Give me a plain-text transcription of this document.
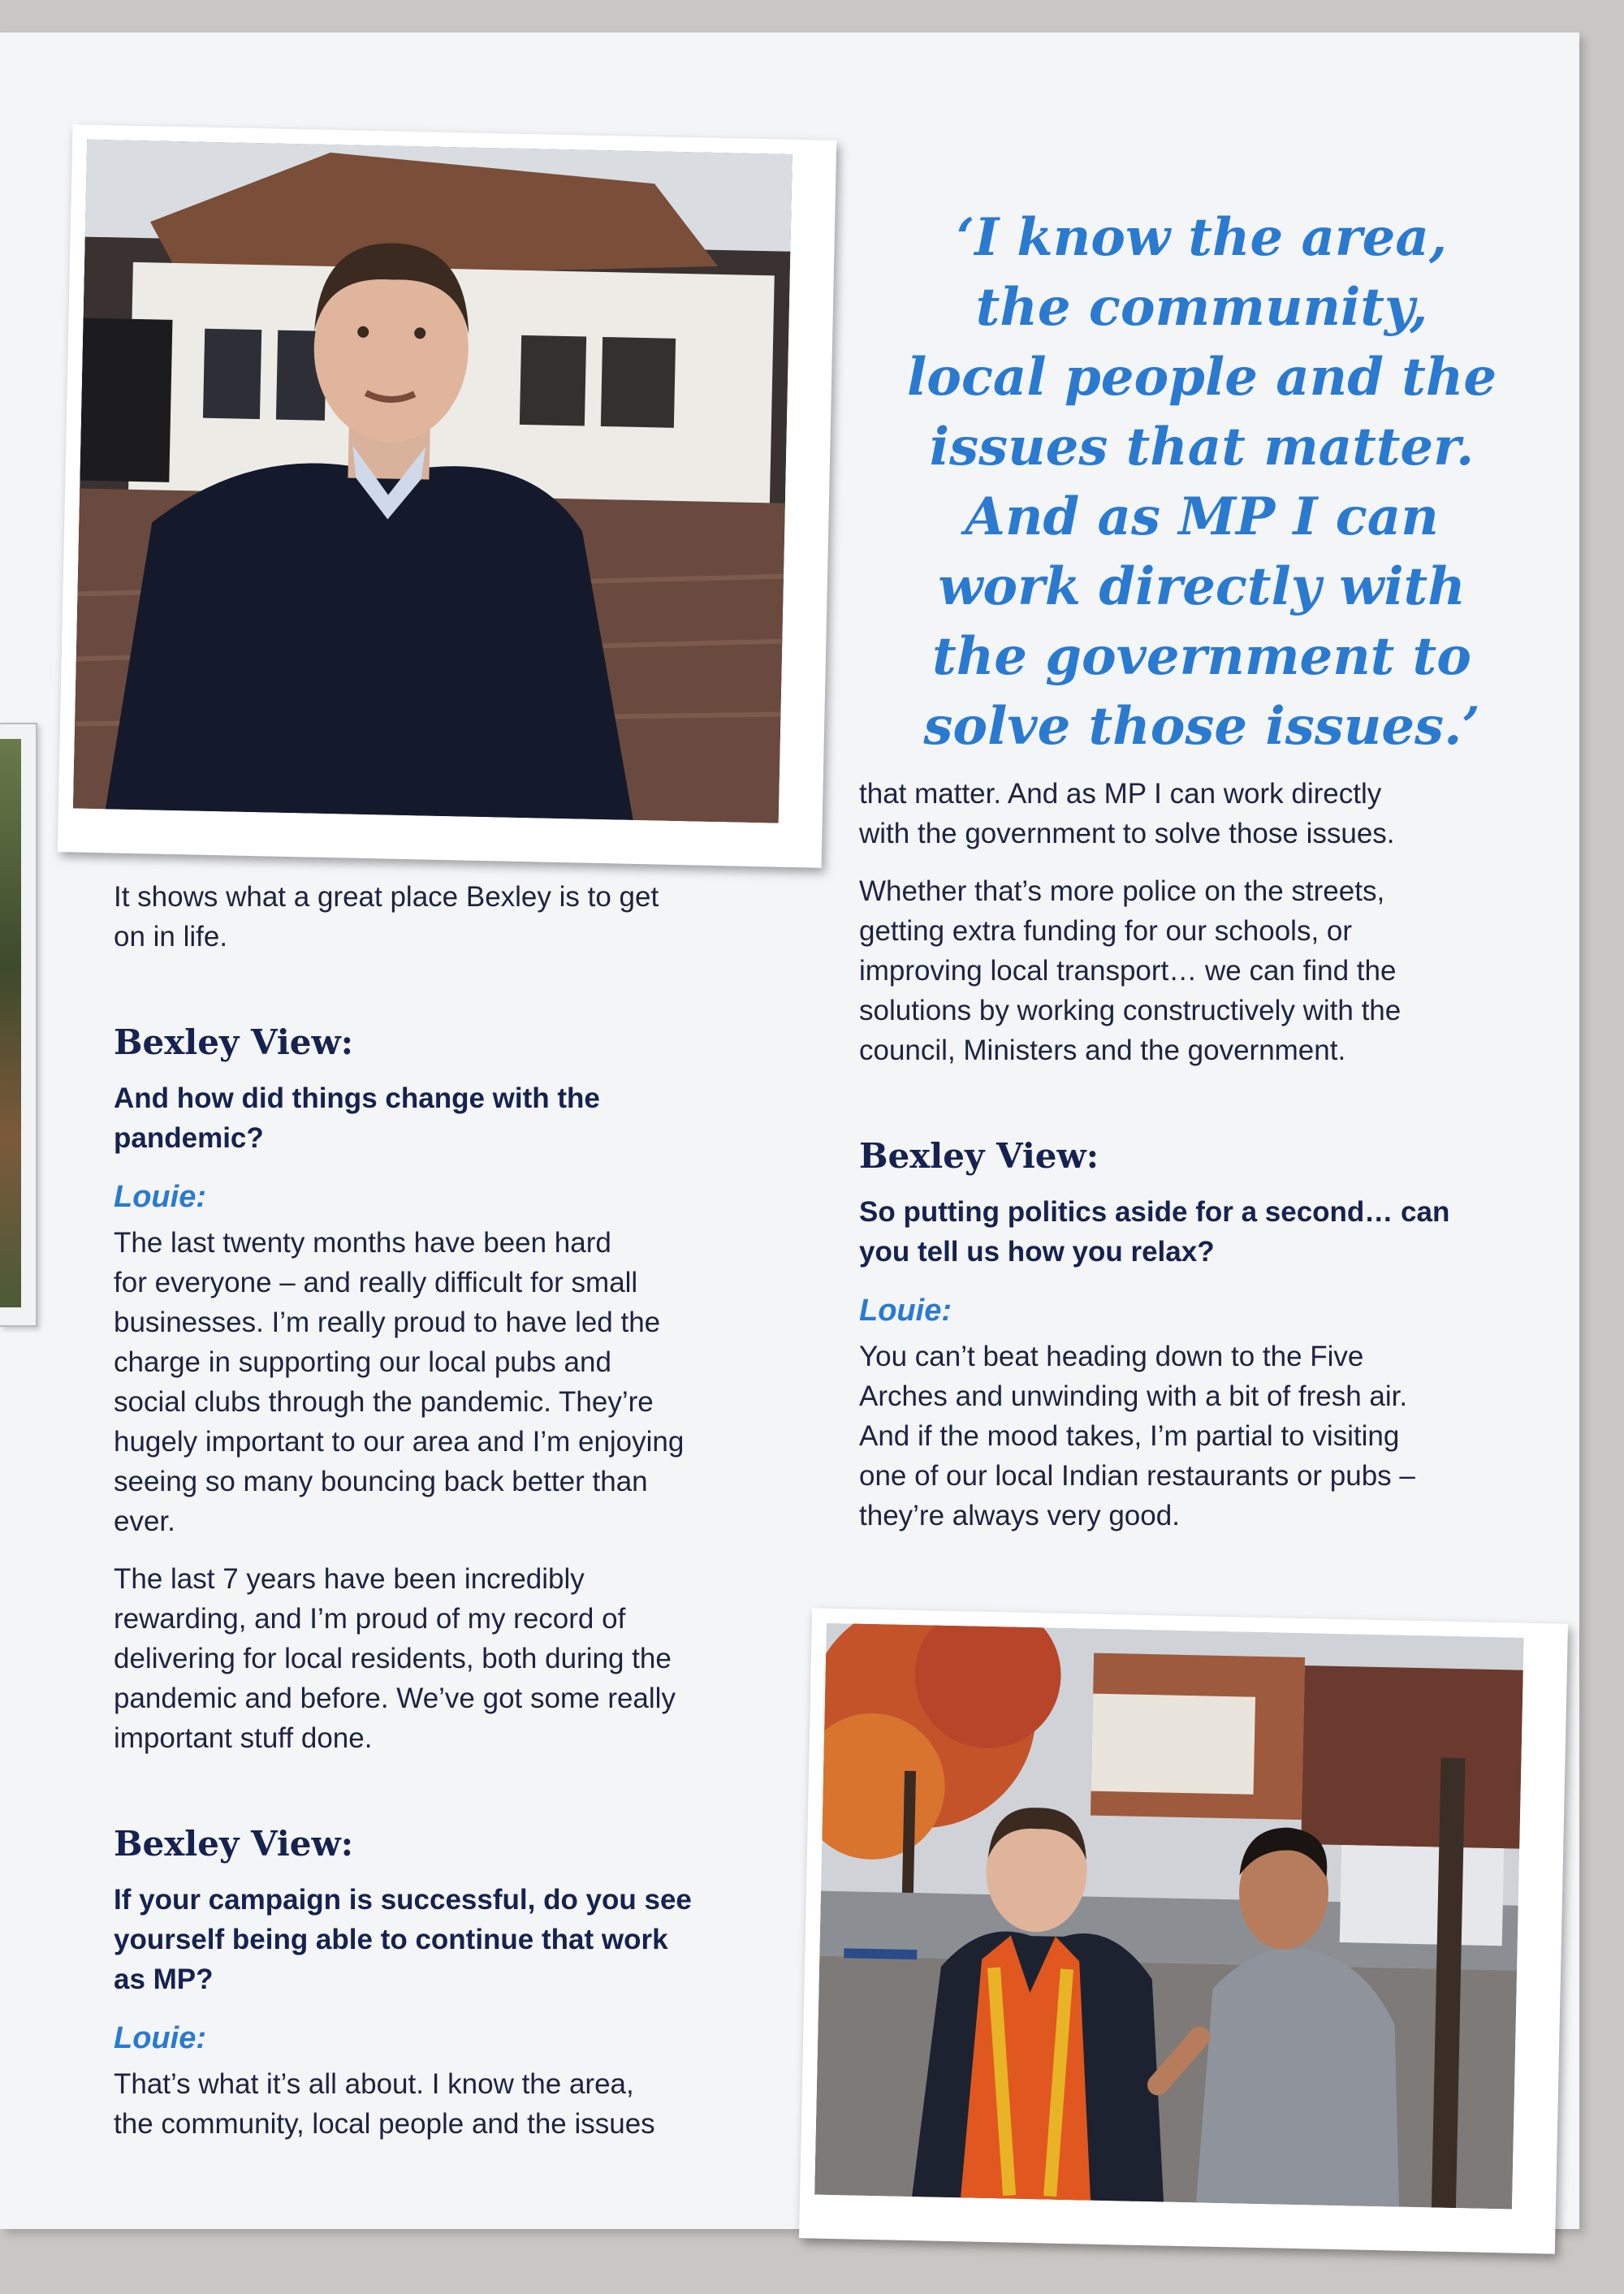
‘I know the area,
the community,
local people and the
issues that matter.
And as MP I can
work directly with
the government to
solve those issues.’

It shows what a great place Bexley is to get
on in life.

Bexley View:
And how did things change with the
pandemic?
Louie:

The last twenty months have been hard
for everyone – and really difficult for small
businesses. I’m really proud to have led the
charge in supporting our local pubs and
social clubs through the pandemic. They’re
hugely important to our area and I’m enjoying
seeing so many bouncing back better than
ever.

The last 7 years have been incredibly
rewarding, and I’m proud of my record of
delivering for local residents, both during the
pandemic and before. We’ve got some really
important stuff done.

Bexley View:
If your campaign is successful, do you see
yourself being able to continue that work
as MP?
Louie:

That’s what it’s all about. I know the area,
the community, local people and the issues

that matter. And as MP I can work directly
with the government to solve those issues.

Whether that’s more police on the streets,
getting extra funding for our schools, or
improving local transport… we can find the
solutions by working constructively with the
council, Ministers and the government.

Bexley View:
So putting politics aside for a second… can
you tell us how you relax?
Louie:

You can’t beat heading down to the Five
Arches and unwinding with a bit of fresh air.
And if the mood takes, I’m partial to visiting
one of our local Indian restaurants or pubs –
they’re always very good.
